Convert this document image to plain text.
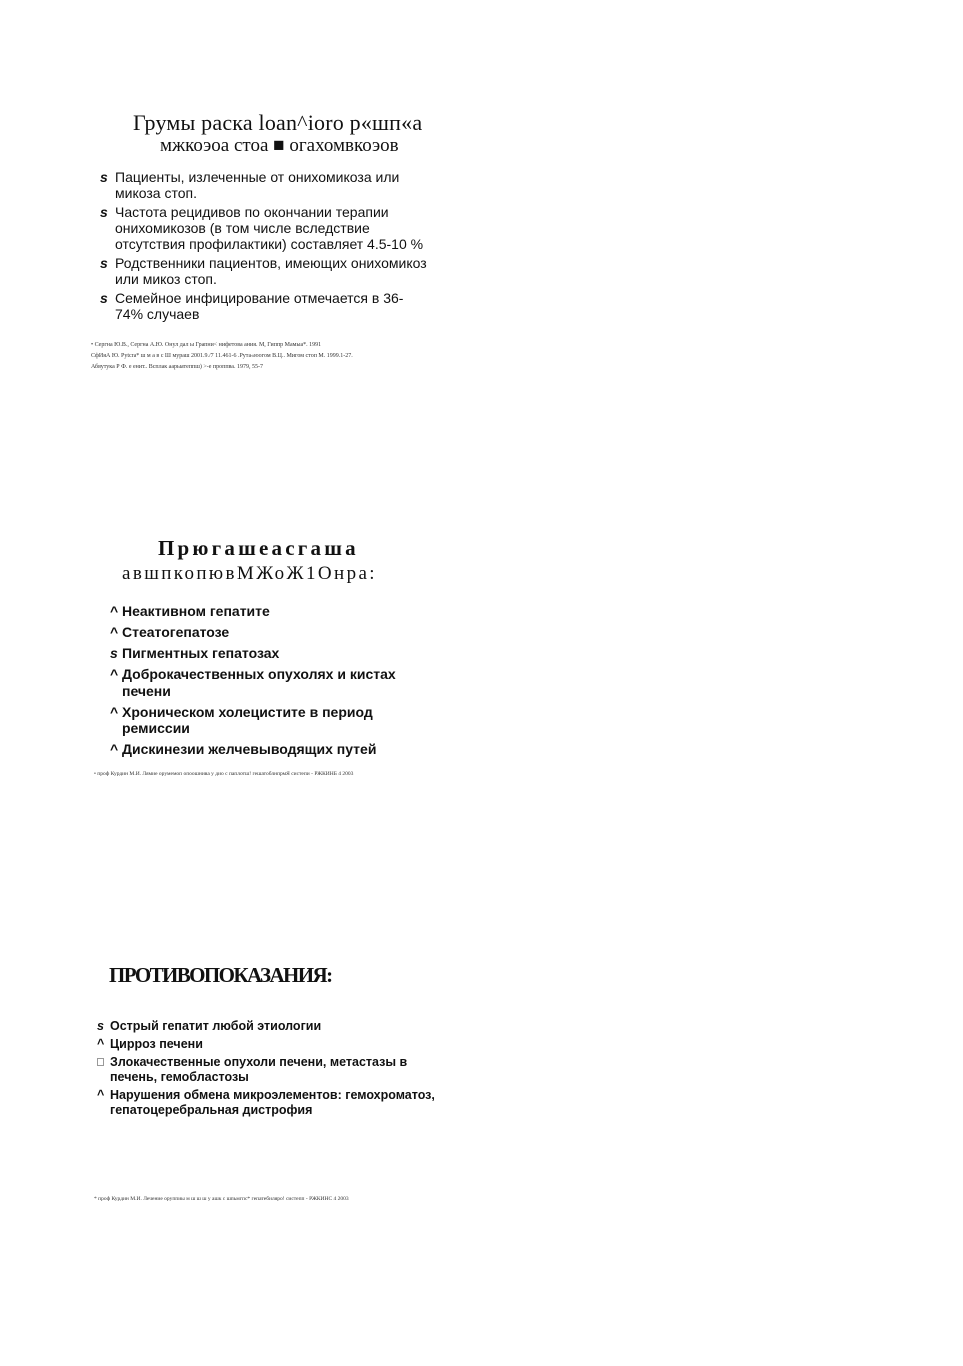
Грумы раска loan^ioro р«шп«а
мжкоэоа стоа ■ огахомвкоэов
s Пациенты, излеченные от онихомикоза или микоза стоп.
s Частота рецидивов по окончании терапии онихомикозов (в том числе вследствие отсутствия профилактики) составляет 4.5-10 %
s Родственники пациентов, имеющих онихомикоз или микоз стоп.
s Семейное инфицирование отмечается в 36-74% случаев
• Сергна Ю.В., Сергна А.Ю. Онул дал ы Грапни< нифетова ания. М, Гиппр Мамыа*. 1991
СфИяА Ю. Pytcra* ш м а в с Ш мураш 2001.9./7 11.461-6 .Рута«юогом В.Ц.. Мигом стоп М. 1999.1-27.
Абвутука Р Ф. е енит.. Всплак аарыатеппш) >-е проппва. 1979, 55-7
Прюгашеасгаша
авшпкопювМЖоЖ1Онра:
^ Неактивном гепатите
^ Стеатогепатозе
s Пигментных гепатозах
^ Доброкачественных опухолях и кистах печени
^ Хроническом холецистите в период ремиссии
^ Дискинезии желчевыводящих путей
• проф Курдин М.И. Лямие орумемоп опоошнива у дио с паплотш! гешатоблнпрмЯ систепи - РЖКИНБ 4 2003
ПРОТИВОПОКАЗАНИЯ:
s Острый гепатит любой этиологии
^ Цирроз печени
Злокачественные опухоли печени, метастазы в печень, гемобластозы
^ Нарушения обмена микроэлементов: гемохроматоз, гепатоцеребральная дистрофия
* проф Курдин М.И. Лечение оруппиы м ш ш ш у ашк с шпьмгпс* гепатебиляро! систепп - РЖКИНС 4 2003
